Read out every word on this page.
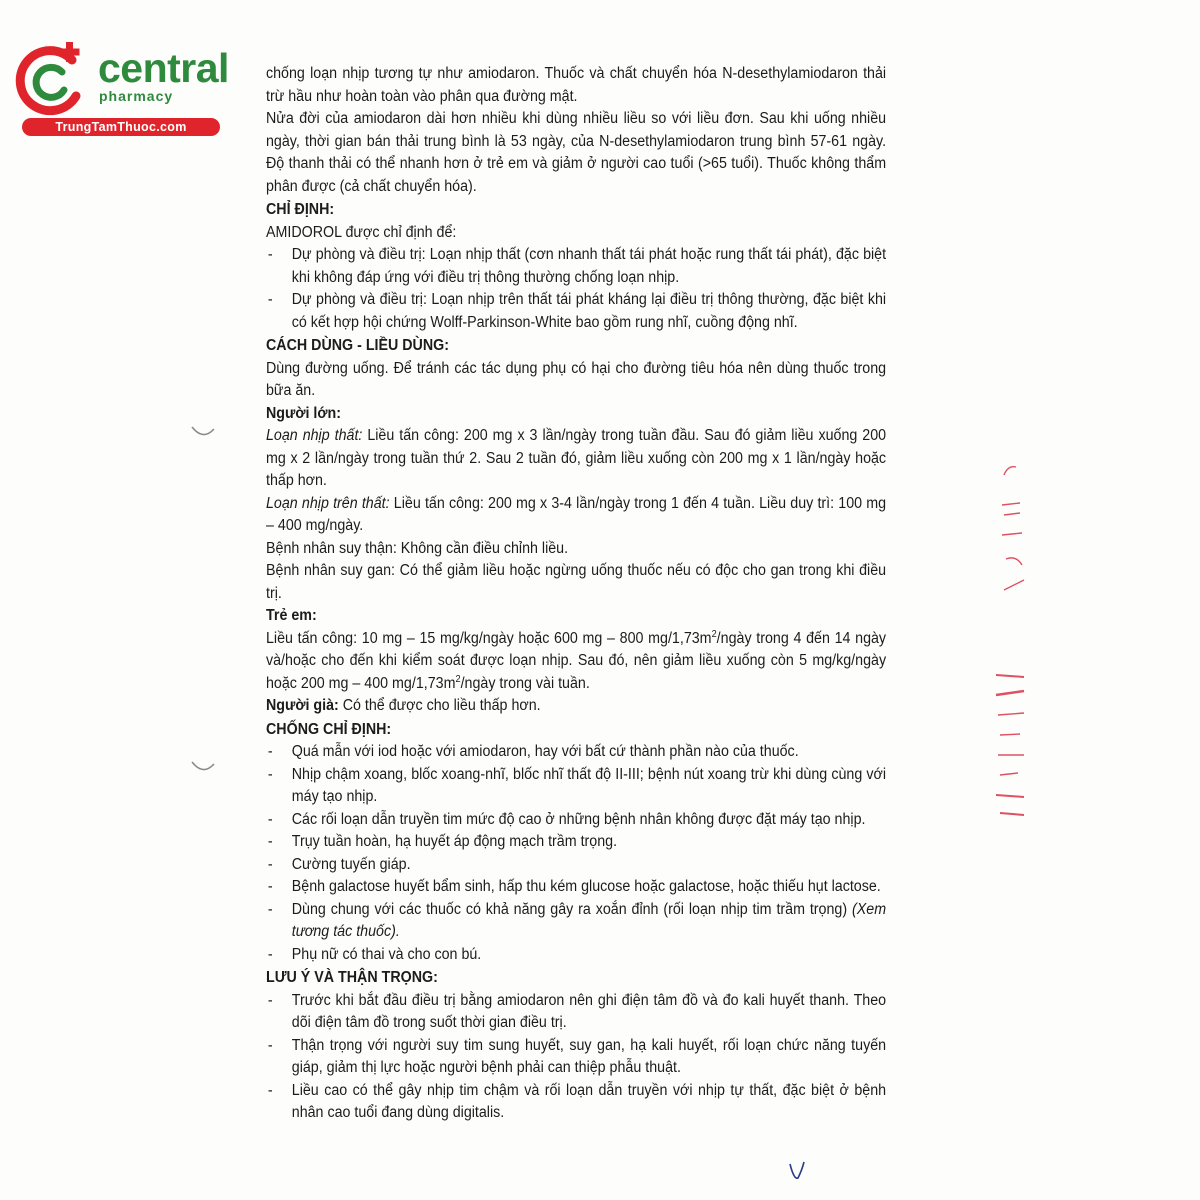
central
pharmacy
TrungTamThuoc.com

chống loạn nhịp tương tự như amiodaron. Thuốc và chất chuyển hóa N-desethylamiodaron thải trừ hầu như hoàn toàn vào phân qua đường mật.

Nửa đời của amiodaron dài hơn nhiều khi dùng nhiều liều so với liều đơn. Sau khi uống nhiều ngày, thời gian bán thải trung bình là 53 ngày, của N-desethylamiodaron trung bình 57-61 ngày. Độ thanh thải có thể nhanh hơn ở trẻ em và giảm ở người cao tuổi (>65 tuổi). Thuốc không thẩm phân được (cả chất chuyển hóa).

CHỈ ĐỊNH:

AMIDOROL được chỉ định để:

- Dự phòng và điều trị: Loạn nhịp thất (cơn nhanh thất tái phát hoặc rung thất tái phát), đặc biệt khi không đáp ứng với điều trị thông thường chống loạn nhịp.
- Dự phòng và điều trị: Loạn nhịp trên thất tái phát kháng lại điều trị thông thường, đặc biệt khi có kết hợp hội chứng Wolff-Parkinson-White bao gồm rung nhĩ, cuồng động nhĩ.

CÁCH DÙNG - LIỀU DÙNG:

Dùng đường uống. Để tránh các tác dụng phụ có hại cho đường tiêu hóa nên dùng thuốc trong bữa ăn.

Người lớn:

Loạn nhịp thất: Liều tấn công: 200 mg x 3 lần/ngày trong tuần đầu. Sau đó giảm liều xuống 200 mg x 2 lần/ngày trong tuần thứ 2. Sau 2 tuần đó, giảm liều xuống còn 200 mg x 1 lần/ngày hoặc thấp hơn.

Loạn nhịp trên thất: Liều tấn công: 200 mg x 3-4 lần/ngày trong 1 đến 4 tuần. Liều duy trì: 100 mg – 400 mg/ngày.

Bệnh nhân suy thận: Không cần điều chỉnh liều.

Bệnh nhân suy gan: Có thể giảm liều hoặc ngừng uống thuốc nếu có độc cho gan trong khi điều trị.

Trẻ em:

Liều tấn công: 10 mg – 15 mg/kg/ngày hoặc 600 mg – 800 $mg/1,73m^2$/ngày trong 4 đến 14 ngày và/hoặc cho đến khi kiểm soát được loạn nhịp. Sau đó, nên giảm liều xuống còn 5 mg/kg/ngày hoặc 200 mg – 400 $mg/1,73m^2$/ngày trong vài tuần.

Người già: Có thể được cho liều thấp hơn.

CHỐNG CHỈ ĐỊNH:

- Quá mẫn với iod hoặc với amiodaron, hay với bất cứ thành phần nào của thuốc.
- Nhịp chậm xoang, blốc xoang-nhĩ, blốc nhĩ thất độ II-III; bệnh nút xoang trừ khi dùng cùng với máy tạo nhịp.
- Các rối loạn dẫn truyền tim mức độ cao ở những bệnh nhân không được đặt máy tạo nhịp.
- Trụy tuần hoàn, hạ huyết áp động mạch trầm trọng.
- Cường tuyến giáp.
- Bệnh galactose huyết bẩm sinh, hấp thu kém glucose hoặc galactose, hoặc thiếu hụt lactose.
- Dùng chung với các thuốc có khả năng gây ra xoắn đỉnh (rối loạn nhịp tim trầm trọng) (Xem tương tác thuốc).
- Phụ nữ có thai và cho con bú.

LƯU Ý VÀ THẬN TRỌNG:

- Trước khi bắt đầu điều trị bằng amiodaron nên ghi điện tâm đồ và đo kali huyết thanh. Theo dõi điện tâm đồ trong suốt thời gian điều trị.
- Thận trọng với người suy tim sung huyết, suy gan, hạ kali huyết, rối loạn chức năng tuyến giáp, giảm thị lực hoặc người bệnh phải can thiệp phẫu thuật.
- Liều cao có thể gây nhịp tim chậm và rối loạn dẫn truyền với nhịp tự thất, đặc biệt ở bệnh nhân cao tuổi đang dùng digitalis.
